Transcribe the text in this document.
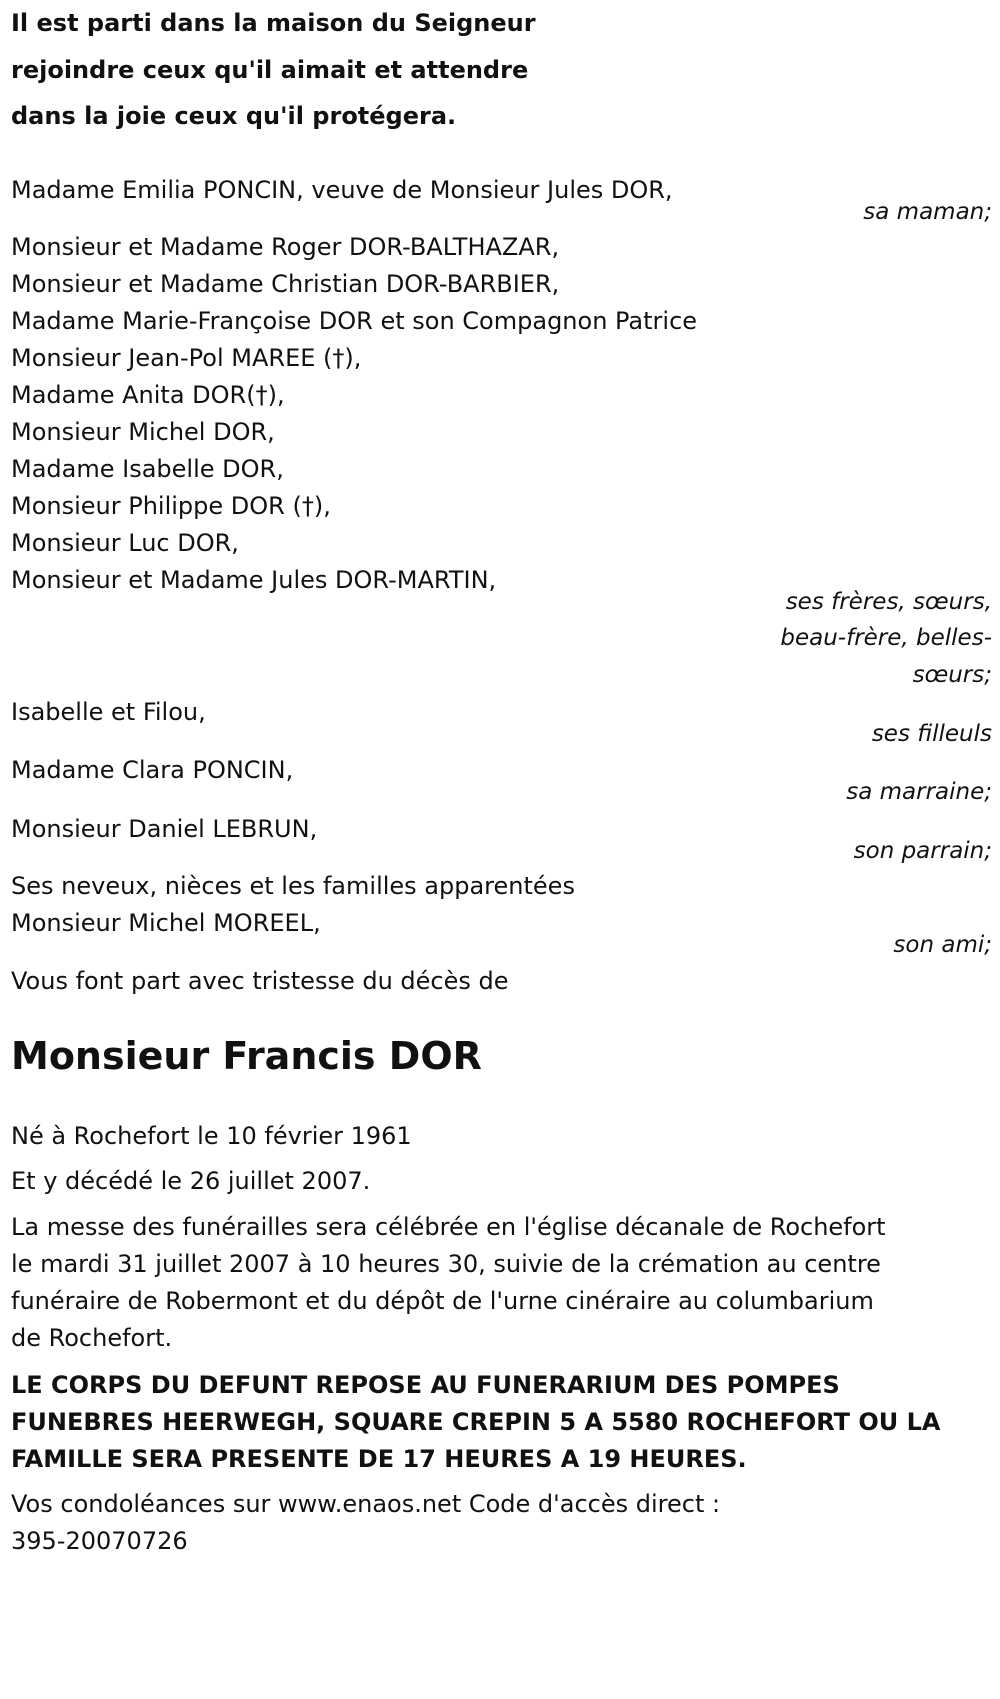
Il est parti dans la maison du Seigneur

rejoindre ceux qu'il aimait et attendre

dans la joie ceux qu'il protégera.

Madame Emilia PONCIN, veuve de Monsieur Jules DOR,

sa maman;

Monsieur et Madame Roger DOR-BALTHAZAR,

Monsieur et Madame Christian DOR-BARBIER,

Madame Marie-Françoise DOR et son Compagnon Patrice

Monsieur Jean-Pol MAREE (†),

Madame Anita DOR(†),

Monsieur Michel DOR,

Madame Isabelle DOR,

Monsieur Philippe DOR (†),

Monsieur Luc DOR,

Monsieur et Madame Jules DOR-MARTIN,

ses frères, sœurs,

beau-frère, belles-

sœurs;

Isabelle et Filou,

ses filleuls

Madame Clara PONCIN,

sa marraine;

Monsieur Daniel LEBRUN,

son parrain;

Ses neveux, nièces et les familles apparentées

Monsieur Michel MOREEL,

son ami;

Vous font part avec tristesse du décès de

Monsieur Francis DOR

Né à Rochefort le 10 février 1961

Et y décédé le 26 juillet 2007.

La messe des funérailles sera célébrée en l'église décanale de Rochefort

le mardi 31 juillet 2007 à 10 heures 30, suivie de la crémation au centre

funéraire de Robermont et du dépôt de l'urne cinéraire au columbarium

de Rochefort.

LE CORPS DU DEFUNT REPOSE AU FUNERARIUM DES POMPES

FUNEBRES HEERWEGH, SQUARE CREPIN 5 A 5580 ROCHEFORT OU LA

FAMILLE SERA PRESENTE DE 17 HEURES A 19 HEURES.

Vos condoléances sur www.enaos.net Code d'accès direct :

395-20070726
